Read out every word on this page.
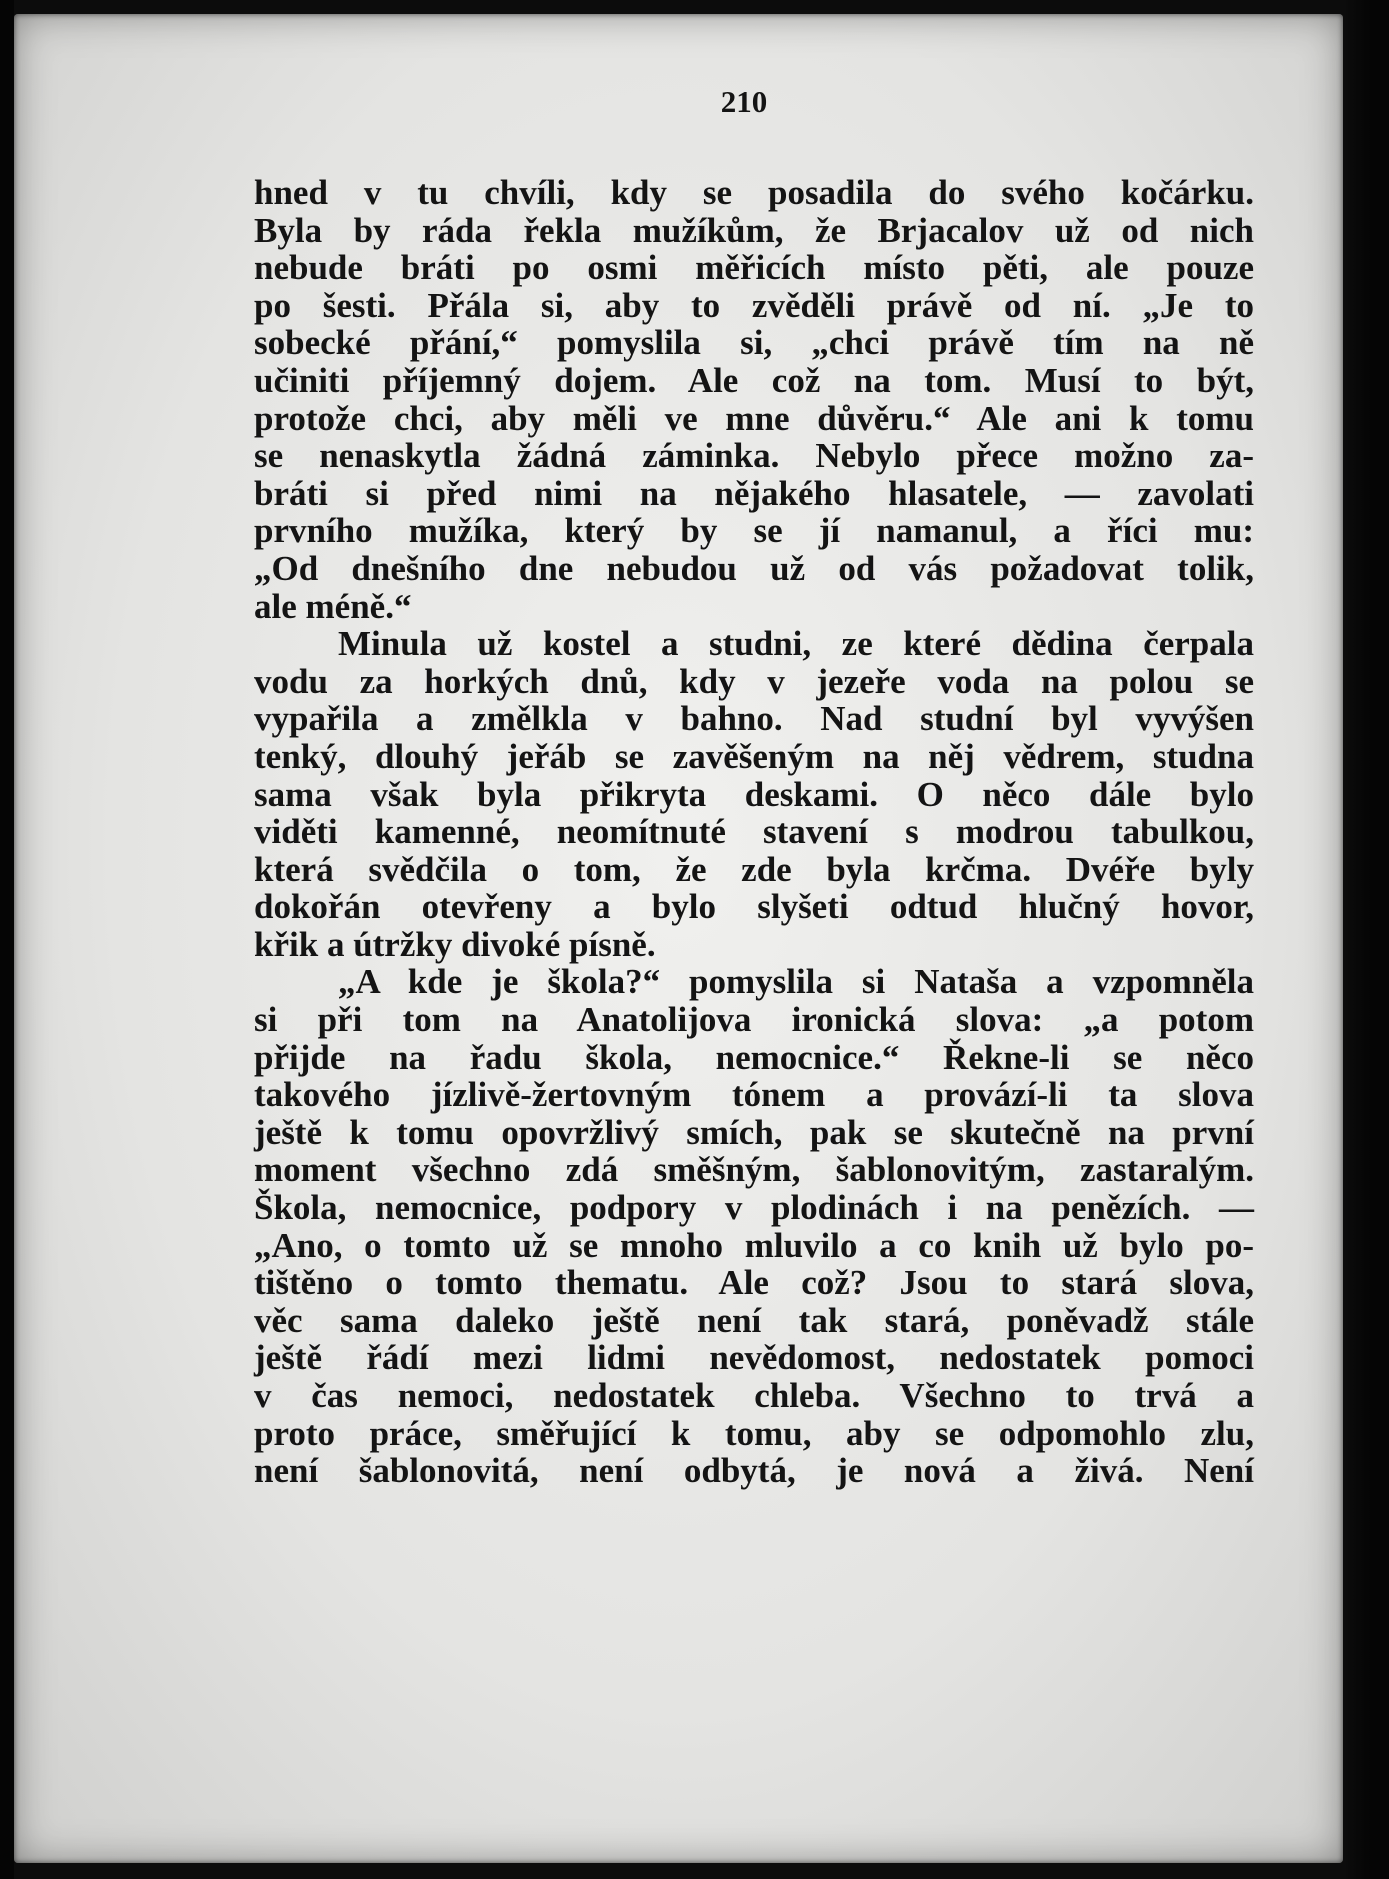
210

hned v tu chvíli, kdy se posadila do svého kočárku.
Byla by ráda řekla mužíkům, že Brjacalov už od nich
nebude bráti po osmi měřicích místo pěti, ale pouze
po šesti. Přála si, aby to zvěděli právě od ní. „Je to
sobecké přání,“ pomyslila si, „chci právě tím na ně
učiniti příjemný dojem. Ale což na tom. Musí to být,
protože chci, aby měli ve mne důvěru.“ Ale ani k tomu
se nenaskytla žádná záminka. Nebylo přece možno za-
bráti si před nimi na nějakého hlasatele, — zavolati
prvního mužíka, který by se jí namanul, a říci mu:
„Od dnešního dne nebudou už od vás požadovat tolik,
ale méně.“

Minula už kostel a studni, ze které dědina čerpala
vodu za horkých dnů, kdy v jezeře voda na polou se
vypařila a změlkla v bahno. Nad studní byl vyvýšen
tenký, dlouhý jeřáb se zavěšeným na něj vědrem, studna
sama však byla přikryta deskami. O něco dále bylo
viděti kamenné, neomítnuté stavení s modrou tabulkou,
která svědčila o tom, že zde byla krčma. Dvéře byly
dokořán otevřeny a bylo slyšeti odtud hlučný hovor,
křik a útržky divoké písně.

„A kde je škola?“ pomyslila si Nataša a vzpomněla
si při tom na Anatolijova ironická slova: „a potom
přijde na řadu škola, nemocnice.“ Řekne-li se něco
takového jízlivě-žertovným tónem a provází-li ta slova
ještě k tomu opovržlivý smích, pak se skutečně na první
moment všechno zdá směšným, šablonovitým, zastaralým.
Škola, nemocnice, podpory v plodinách i na penězích. —
„Ano, o tomto už se mnoho mluvilo a co knih už bylo po-
tištěno o tomto thematu. Ale což? Jsou to stará slova,
věc sama daleko ještě není tak stará, poněvadž stále
ještě řádí mezi lidmi nevědomost, nedostatek pomoci
v čas nemoci, nedostatek chleba. Všechno to trvá a
proto práce, směřující k tomu, aby se odpomohlo zlu,
není šablonovitá, není odbytá, je nová a živá. Není
